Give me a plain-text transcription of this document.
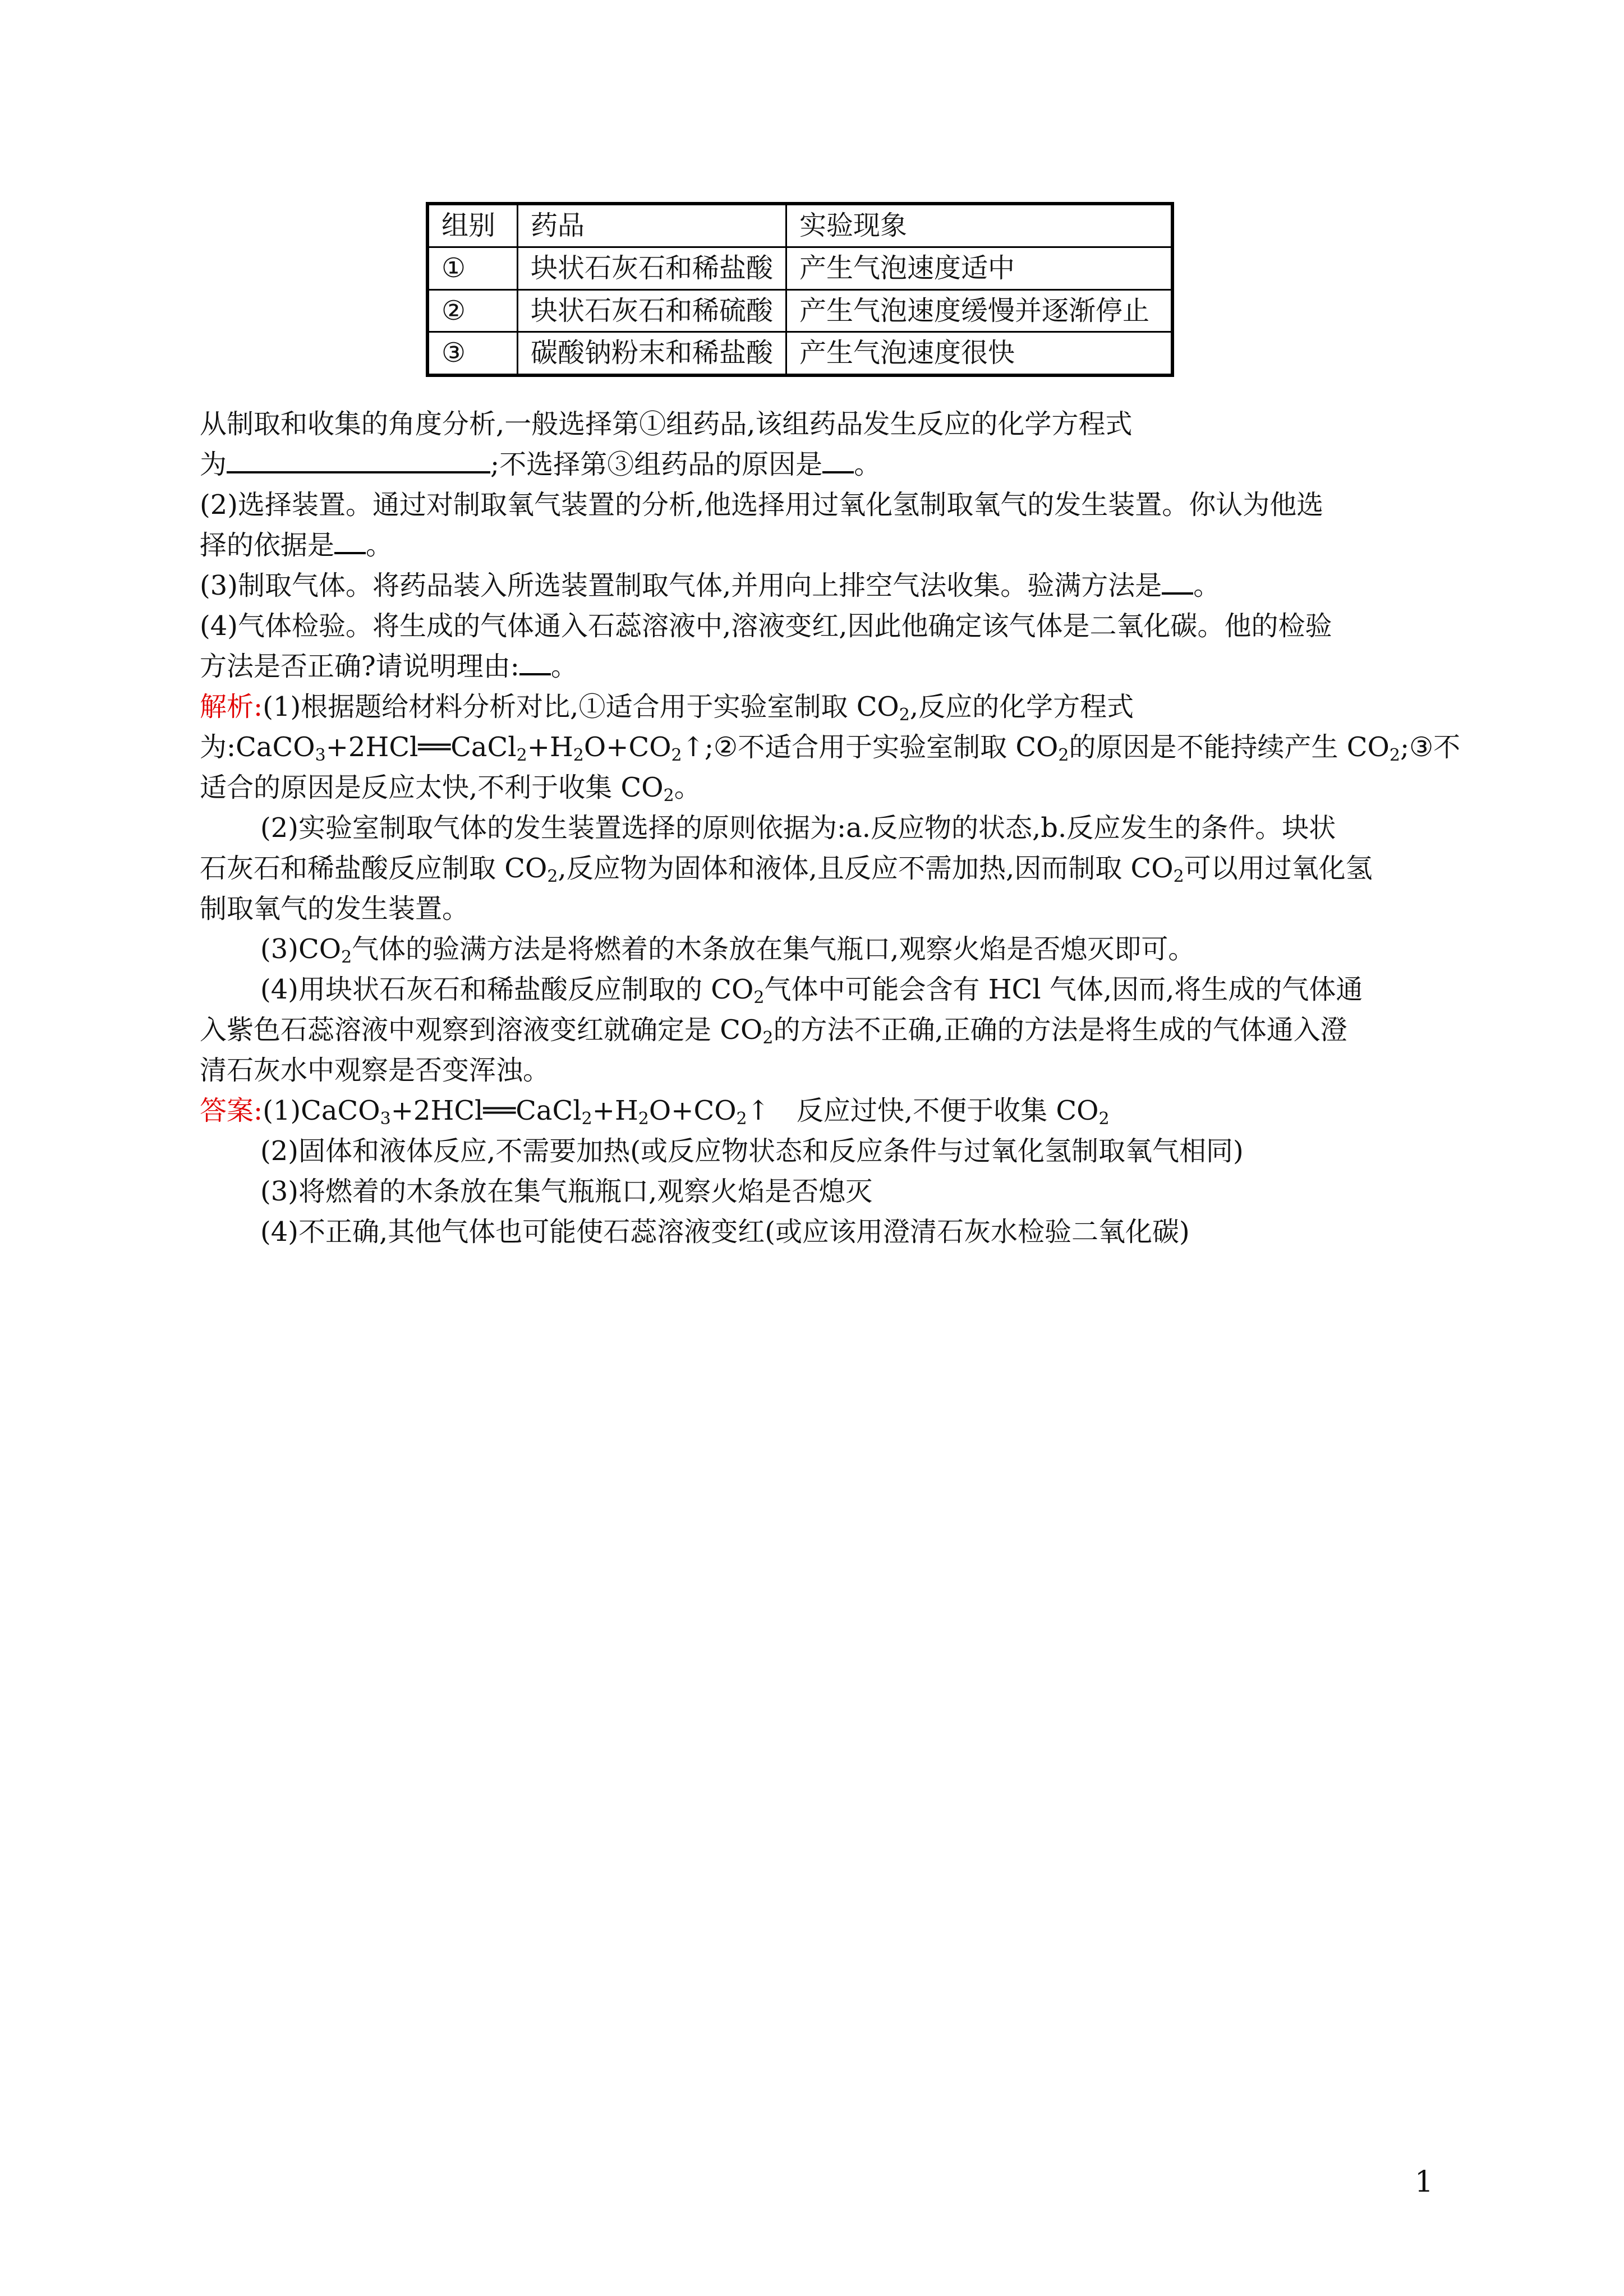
组别	药品	实验现象
①	块状石灰石和稀盐酸	产生气泡速度适中
②	块状石灰石和稀硫酸	产生气泡速度缓慢并逐渐停止
③	碳酸钠粉末和稀盐酸	产生气泡速度很快
从制取和收集的角度分析,一般选择第①组药品,该组药品发生反应的化学方程式
为	;不选择第③组药品的原因是 。
(2)选择装置。通过对制取氧气装置的分析,他选择用过氧化氢制取氧气的发生装置。你认为他选
择的依据是 。
(3)制取气体。将药品装入所选装置制取气体,并用向上排空气法收集。验满方法是 。
(4)气体检验。将生成的气体通入石蕊溶液中,溶液变红,因此他确定该气体是二氧化碳。他的检验
方法是否正确?请说明理由: 。
解析:(1)根据题给材料分析对比,①适合用于实验室制取 $CO_2$,反应的化学方程式
为$:CaCO_3+2HCl══CaCl_2+H_2O+CO_2↑;②$不适合用于实验室制取 $CO_2$的原因是不能持续产生 $CO_2;③$不
适合的原因是反应太快,不利于收集 $CO_2$。
(2)实验室制取气体的发生装置选择的原则依据为:a.反应物的状态,b.反应发生的条件。块状
石灰石和稀盐酸反应制取 $CO_2$,反应物为固体和液体,且反应不需加热,因而制取 $CO_2$可以用过氧化氢
制取氧气的发生装置。
$(3)CO_2$气体的验满方法是将燃着的木条放在集气瓶口,观察火焰是否熄灭即可。
(4)用块状石灰石和稀盐酸反应制取的 $CO_2$气体中可能会含有 HCl 气体,因而,将生成的气体通
入紫色石蕊溶液中观察到溶液变红就确定是 $CO_2$的方法不正确,正确的方法是将生成的气体通入澄
清石灰水中观察是否变浑浊。
答案$:(1)CaCO_3+2HCl══CaCl_2+H_2O+CO_2↑$　反应过快,不便于收集 $CO_2$
(2)固体和液体反应,不需要加热(或反应物状态和反应条件与过氧化氢制取氧气相同)
(3)将燃着的木条放在集气瓶瓶口,观察火焰是否熄灭
(4)不正确,其他气体也可能使石蕊溶液变红(或应该用澄清石灰水检验二氧化碳)
1
